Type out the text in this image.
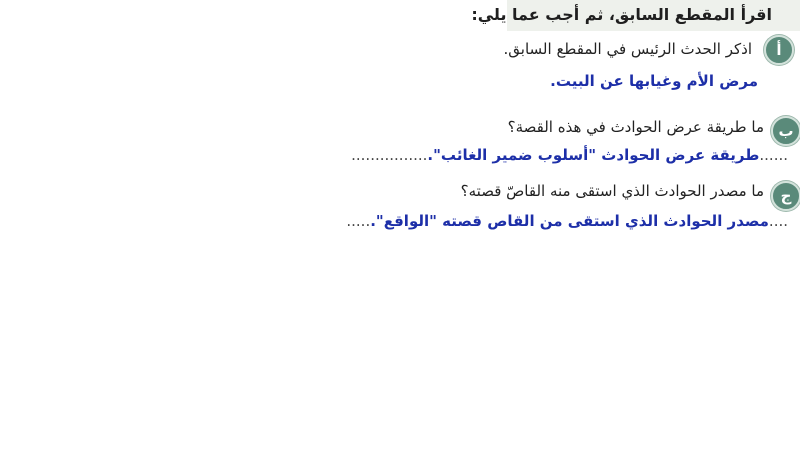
اقرأ المقطع السابق، ثم أجب عما يلي:
أ
اذكر الحدث الرئيس في المقطع السابق.
مرض الأم وغيابها عن البيت.
ب
ما طريقة عرض الحوادث في هذه القصة؟
......طريقة عرض الحوادث "أسلوب ضمير الغائب".................
ج
ما مصدر الحوادث الذي استقى منه القاصّ قصته؟
....مصدر الحوادث الذي استقى من القاص قصته "الواقع"......
